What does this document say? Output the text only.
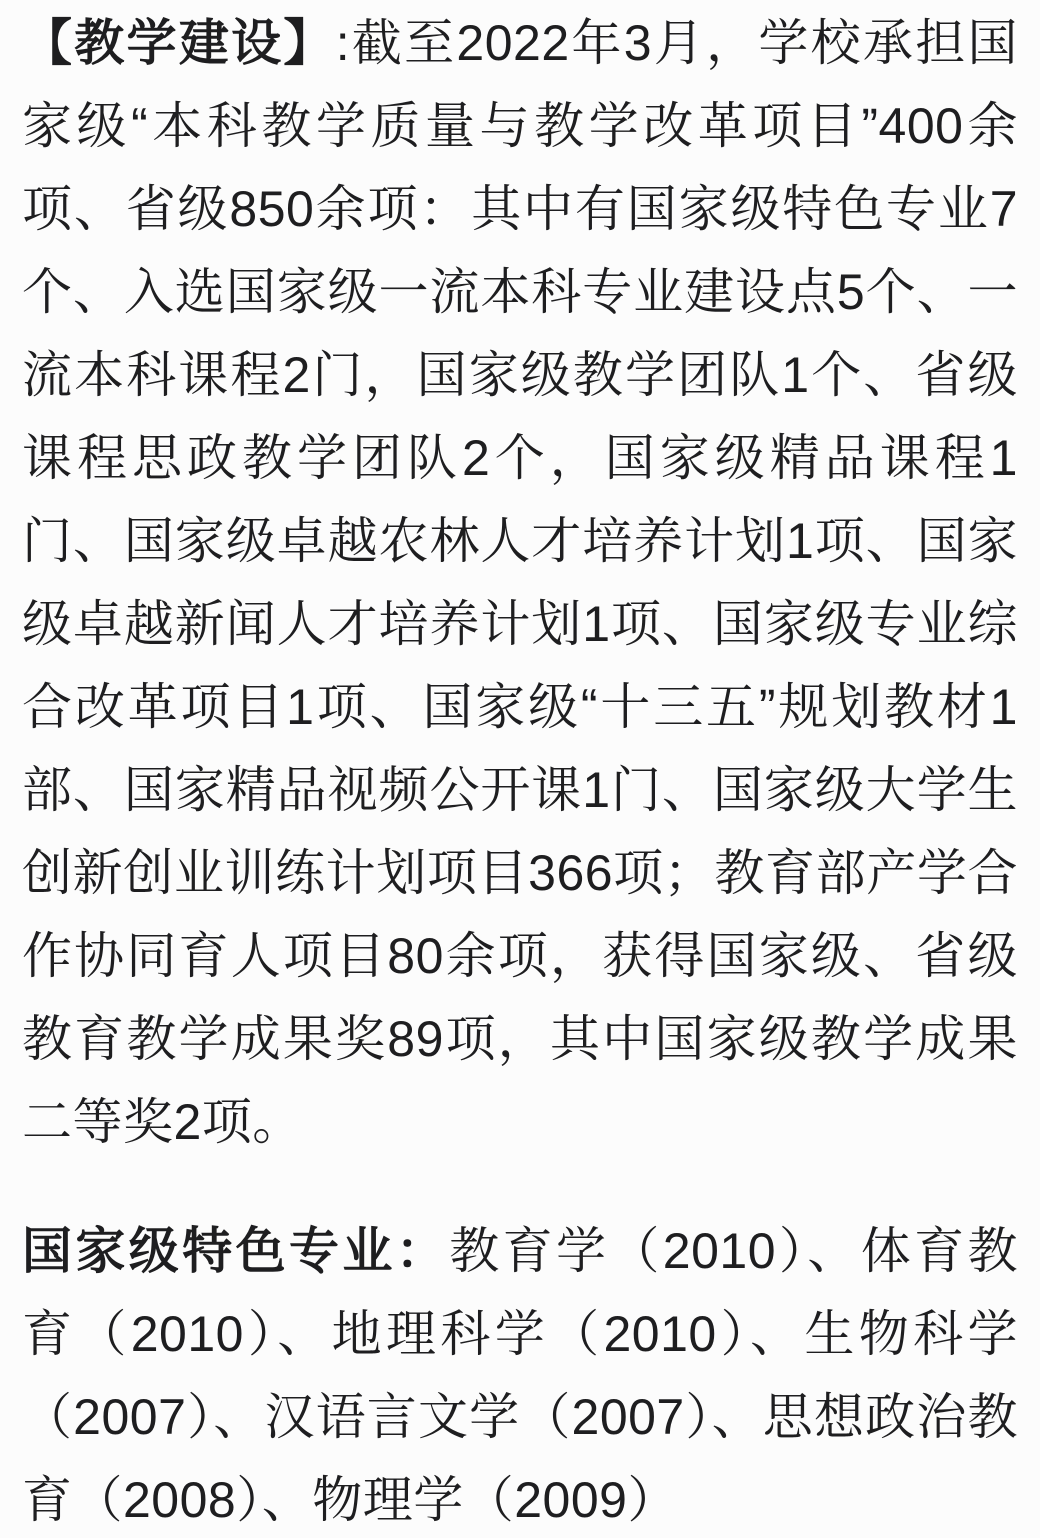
【教学建设】:截至2022年3月，学校承担国家级“本科教学质量与教学改革项目”400余项、省级850余项：其中有国家级特色专业7个、入选国家级一流本科专业建设点5个、一流本科课程2门，国家级教学团队1个、省级课程思政教学团队2个，国家级精品课程1门、国家级卓越农林人才培养计划1项、国家级卓越新闻人才培养计划1项、国家级专业综合改革项目1项、国家级“十三五”规划教材1部、国家精品视频公开课1门、国家级大学生创新创业训练计划项目366项；教育部产学合作协同育人项目80余项，获得国家级、省级教育教学成果奖89项，其中国家级教学成果二等奖2项。

国家级特色专业：教育学（2010）、体育教育（2010）、地理科学（2010）、生物科学（2007）、汉语言文学（2007）、思想政治教育（2008）、物理学（2009）
